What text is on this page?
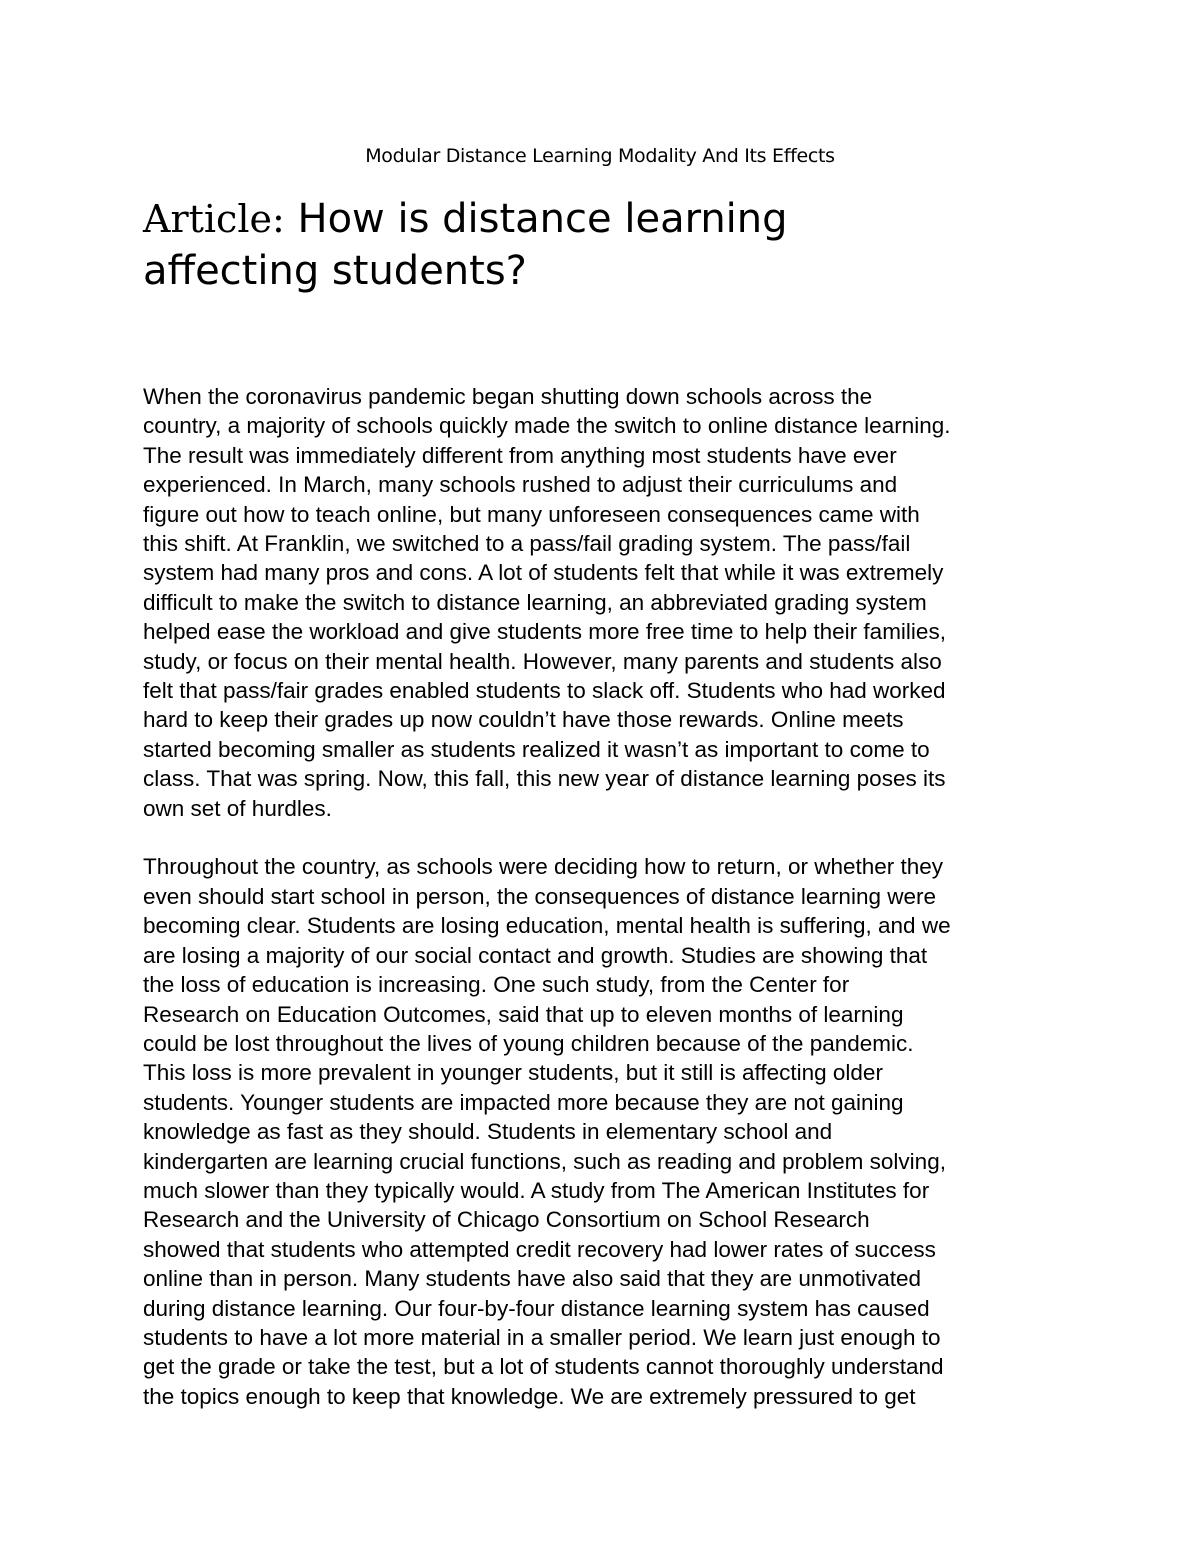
Modular Distance Learning Modality And Its Effects
Article: How is distance learning
affecting students?

When the coronavirus pandemic began shutting down schools across the
country, a majority of schools quickly made the switch to online distance learning.
The result was immediately different from anything most students have ever
experienced. In March, many schools rushed to adjust their curriculums and
figure out how to teach online, but many unforeseen consequences came with
this shift. At Franklin, we switched to a pass/fail grading system. The pass/fail
system had many pros and cons. A lot of students felt that while it was extremely
difficult to make the switch to distance learning, an abbreviated grading system
helped ease the workload and give students more free time to help their families,
study, or focus on their mental health. However, many parents and students also
felt that pass/fair grades enabled students to slack off. Students who had worked
hard to keep their grades up now couldn’t have those rewards. Online meets
started becoming smaller as students realized it wasn’t as important to come to
class. That was spring. Now, this fall, this new year of distance learning poses its
own set of hurdles.

Throughout the country, as schools were deciding how to return, or whether they
even should start school in person, the consequences of distance learning were
becoming clear. Students are losing education, mental health is suffering, and we
are losing a majority of our social contact and growth. Studies are showing that
the loss of education is increasing. One such study, from the Center for
Research on Education Outcomes, said that up to eleven months of learning
could be lost throughout the lives of young children because of the pandemic.
This loss is more prevalent in younger students, but it still is affecting older
students. Younger students are impacted more because they are not gaining
knowledge as fast as they should. Students in elementary school and
kindergarten are learning crucial functions, such as reading and problem solving,
much slower than they typically would. A study from The American Institutes for
Research and the University of Chicago Consortium on School Research
showed that students who attempted credit recovery had lower rates of success
online than in person. Many students have also said that they are unmotivated
during distance learning. Our four-by-four distance learning system has caused
students to have a lot more material in a smaller period. We learn just enough to
get the grade or take the test, but a lot of students cannot thoroughly understand
the topics enough to keep that knowledge. We are extremely pressured to get
